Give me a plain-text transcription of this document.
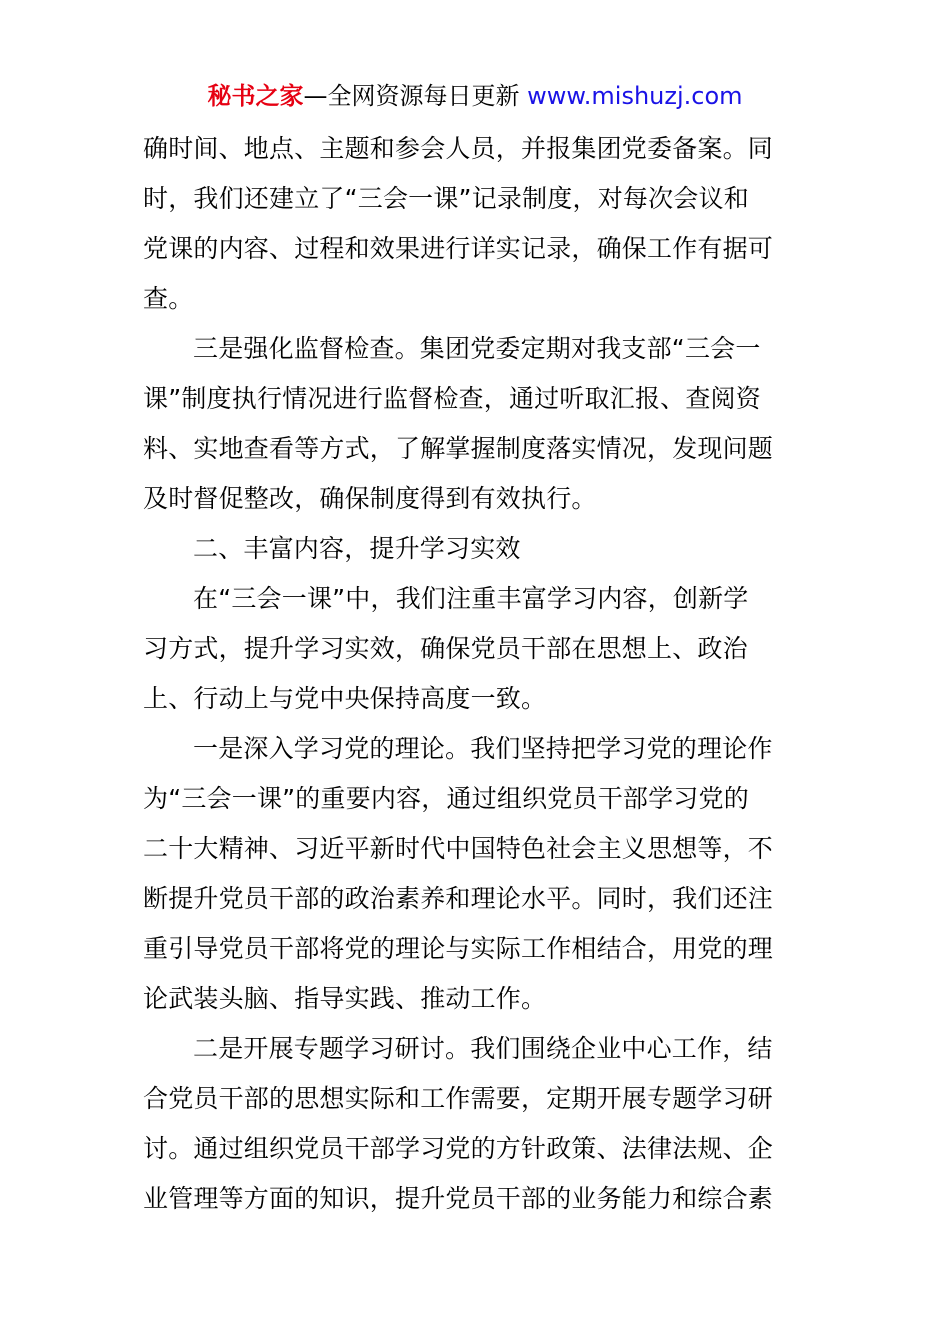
秘书之家—全网资源每日更新 www.mishuzj.com
确时间、地点、主题和参会人员，并报集团党委备案。同
时，我们还建立了“三会一课”记录制度，对每次会议和
党课的内容、过程和效果进行详实记录，确保工作有据可
查。
三是强化监督检查。集团党委定期对我支部“三会一
课”制度执行情况进行监督检查，通过听取汇报、查阅资
料、实地查看等方式，了解掌握制度落实情况，发现问题
及时督促整改，确保制度得到有效执行。
二、丰富内容，提升学习实效
在“三会一课”中，我们注重丰富学习内容，创新学
习方式，提升学习实效，确保党员干部在思想上、政治
上、行动上与党中央保持高度一致。
一是深入学习党的理论。我们坚持把学习党的理论作
为“三会一课”的重要内容，通过组织党员干部学习党的
二十大精神、习近平新时代中国特色社会主义思想等，不
断提升党员干部的政治素养和理论水平。同时，我们还注
重引导党员干部将党的理论与实际工作相结合，用党的理
论武装头脑、指导实践、推动工作。
二是开展专题学习研讨。我们围绕企业中心工作，结
合党员干部的思想实际和工作需要，定期开展专题学习研
讨。通过组织党员干部学习党的方针政策、法律法规、企
业管理等方面的知识，提升党员干部的业务能力和综合素
